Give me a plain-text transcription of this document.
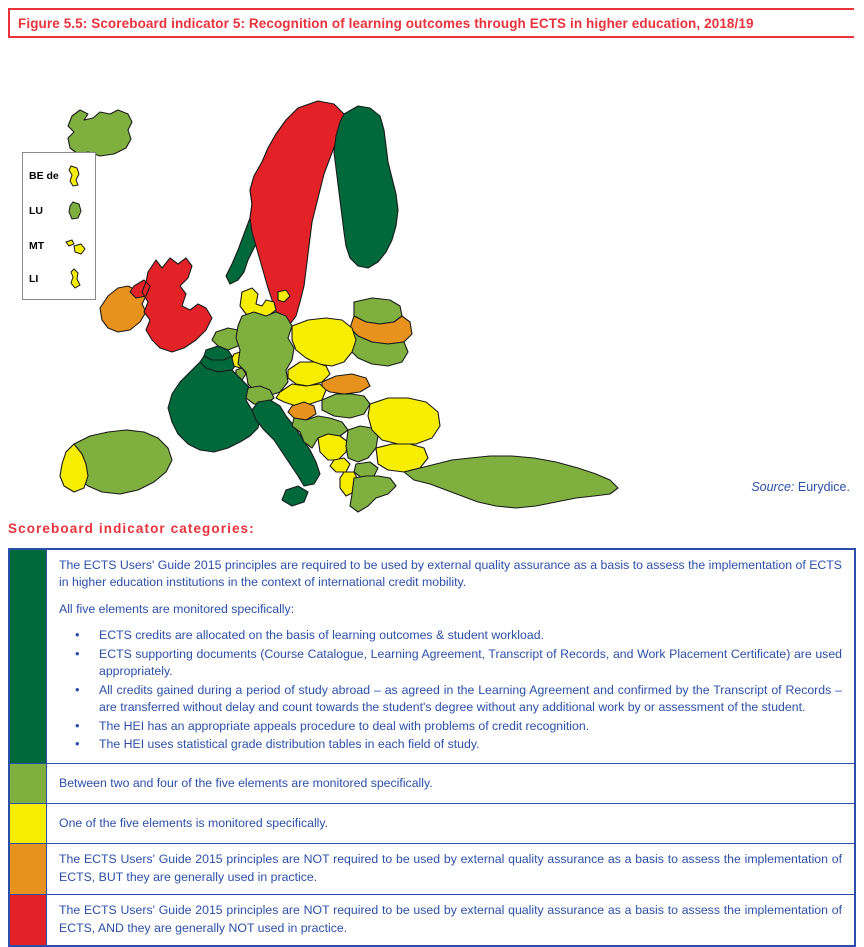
Figure 5.5: Scoreboard indicator 5: Recognition of learning outcomes through ECTS in higher education, 2018/19
BE de
LU
MT
LI
Source: Eurydice.
Scoreboard indicator categories:

The ECTS Users' Guide 2015 principles are required to be used by external quality assurance as a basis to assess the implementation of ECTS in higher education institutions in the context of international credit mobility.

All five elements are monitored specifically:

• ECTS credits are allocated on the basis of learning outcomes & student workload.
• ECTS supporting documents (Course Catalogue, Learning Agreement, Transcript of Records, and Work Placement Certificate) are used appropriately.
• All credits gained during a period of study abroad – as agreed in the Learning Agreement and confirmed by the Transcript of Records – are transferred without delay and count towards the student's degree without any additional work by or assessment of the student.
• The HEI has an appropriate appeals procedure to deal with problems of credit recognition.
• The HEI uses statistical grade distribution tables in each field of study.

Between two and four of the five elements are monitored specifically.

One of the five elements is monitored specifically.

The ECTS Users' Guide 2015 principles are NOT required to be used by external quality assurance as a basis to assess the implementation of ECTS, BUT they are generally used in practice.

The ECTS Users' Guide 2015 principles are NOT required to be used by external quality assurance as a basis to assess the implementation of ECTS, AND they are generally NOT used in practice.
